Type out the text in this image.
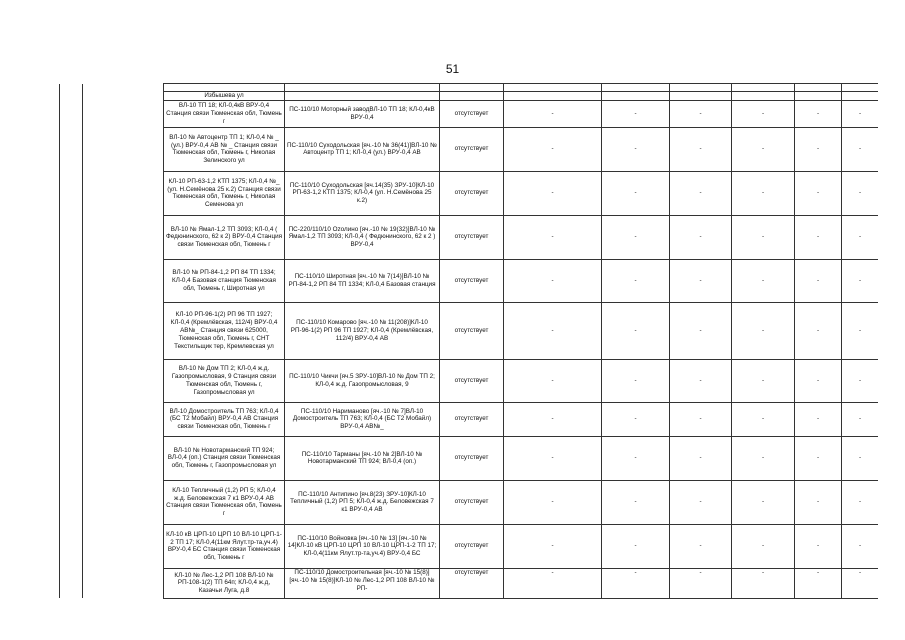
51

		Избышева ул								
		ВЛ-10 ТП 18; КЛ-0,4кВ ВРУ-0,4 Станция связи Тюменская обл, Тюмень г	ПС-110/10 Моторный заводВЛ-10 ТП 18; КЛ-0,4кВ ВРУ-0,4	отсутствует	-	-	-	-	-	-
		ВЛ-10 № Автоцентр ТП 1; КЛ-0,4 № _ (ул.) ВРУ-0,4 АВ № _ Станция связи Тюменская обл, Тюмень г, Николая Зелинского ул	ПС-110/10 Суходольская [яч.-10 № 36(41)]ВЛ-10 № Автоцентр ТП 1; КЛ-0,4 (ул.) ВРУ-0,4 АВ	отсутствует	-	-	-	-	-	-
		КЛ-10 РП-63-1,2 КТП 1375; КЛ-0,4 №_ (ул. Н.Семёнова 25 к.2) Станция связи Тюменская обл, Тюмень г, Николая Семенова ул	ПС-110/10 Суходольская [яч.14(35) ЗРУ-10]КЛ-10 РП-63-1,2 КТП 1375; КЛ-0,4 (ул. Н.Семёнова 25 к.2)	отсутствует	-	-	-	-	-	-
		ВЛ-10 № Ямал-1,2 ТП 3093; КЛ-0,4 ( Федюнинского, 62 к 2) ВРУ-0,4 Станция связи Тюменская обл, Тюмень г	ПС-220/110/10 Оzолино [яч.-10 № 19(32)]ВЛ-10 № Ямал-1,2 ТП 3093; КЛ-0,4 ( Федюнинского, 62 к 2 ) ВРУ-0,4	отсутствует	-	-	-	-	-	-
		ВЛ-10 № РП-84-1,2 РП 84 ТП 1334; КЛ-0,4 Базовая станция Тюменская обл, Тюмень г, Широтная ул	ПС-110/10 Широтная [яч.-10 № 7(14)]ВЛ-10 № РП-84-1,2 РП 84 ТП 1334; КЛ-0,4 Базовая станция	отсутствует	-	-	-	-	-	-
		КЛ-10 РП-96-1(2) РП 96 ТП 1927; КЛ-0,4 (Кремлёвская, 112/4) ВРУ-0,4 АВ№_ Станция связи 625000, Тюменская обл, Тюмень г, СНТ Текстильщик тер, Кремлевская ул	ПС-110/10 Комарово [яч.-10 № 11(208)]КЛ-10 РП-96-1(2) РП 96 ТП 1927; КЛ-0,4 (Кремлёвская, 112/4) ВРУ-0,4 АВ	отсутствует	-	-	-	-	-	-
		ВЛ-10 № Дом ТП 2; КЛ-0,4 ж.д. Газопромысловая, 9 Станция связи Тюменская обл, Тюмень г, Газопромысловая ул	ПС-110/10 Чикчи [яч.5 ЗРУ-10]ВЛ-10 № Дом ТП 2; КЛ-0,4 ж.д. Газопромысловая, 9	отсутствует	-	-	-	-	-	-
		ВЛ-10 Домостроитель ТП 763; КЛ-0,4 (БС Т2 Мобайл) ВРУ-0,4 АВ Станция связи Тюменская обл, Тюмень г	ПС-110/10 Нариманово [яч.-10 № 7]ВЛ-10 Домостроитель ТП 763; КЛ-0,4 (БС Т2 Мобайл) ВРУ-0,4 АВ№_	отсутствует	-	-	-	-	-	-
		ВЛ-10 № Новотарманский ТП 924; ВЛ-0,4 (оп.) Станция связи Тюменская обл, Тюмень г, Газопромысловая ул	ПС-110/10 Тарманы [яч.-10 № 2]ВЛ-10 № Новотарманский ТП 924; ВЛ-0,4 (оп.)	отсутствует	-	-	-	-	-	-
		КЛ-10 Тепличный (1,2) РП 5; КЛ-0,4 ж.д. Беловежская 7 к1 ВРУ-0,4 АВ Станция связи Тюменская обл, Тюмень г	ПС-110/10 Антипино [яч.8(23) ЗРУ-10]КЛ-10 Тепличный (1,2) РП 5; КЛ-0,4 ж.д. Беловежская 7 к1 ВРУ-0,4 АВ	отсутствует	-	-	-	-	-	-
		КЛ-10 кВ ЦРП-10 ЦРП 10 ВЛ-10 ЦРП-1-2 ТП 17; КЛ-0,4(11км Ялут.тр-та,уч.4) ВРУ-0,4 БС Станция связи Тюменская обл, Тюмень г	ПС-110/10 Войновка [яч.-10 № 13] [яч.-10 № 14]КЛ-10 кВ ЦРП-10 ЦРП 10 ВЛ-10 ЦРП-1-2 ТП 17; КЛ-0,4(11км Ялут.тр-та,уч.4) ВРУ-0,4 БС	отсутствует	-	-	-	-	-	-
		КЛ-10 № Лес-1,2 РП 108 ВЛ-10 № РП-108-1(2) ТП 64п; КЛ-0,4 ж.д, Казачьи Луга, д.8	ПС-110/10 Домостроительная [яч.-10 № 15(8)] [яч.-10 № 15(8)]КЛ-10 № Лес-1,2 РП 108 ВЛ-10 № РП-	отсутствует	-	-	-	-	-	-
